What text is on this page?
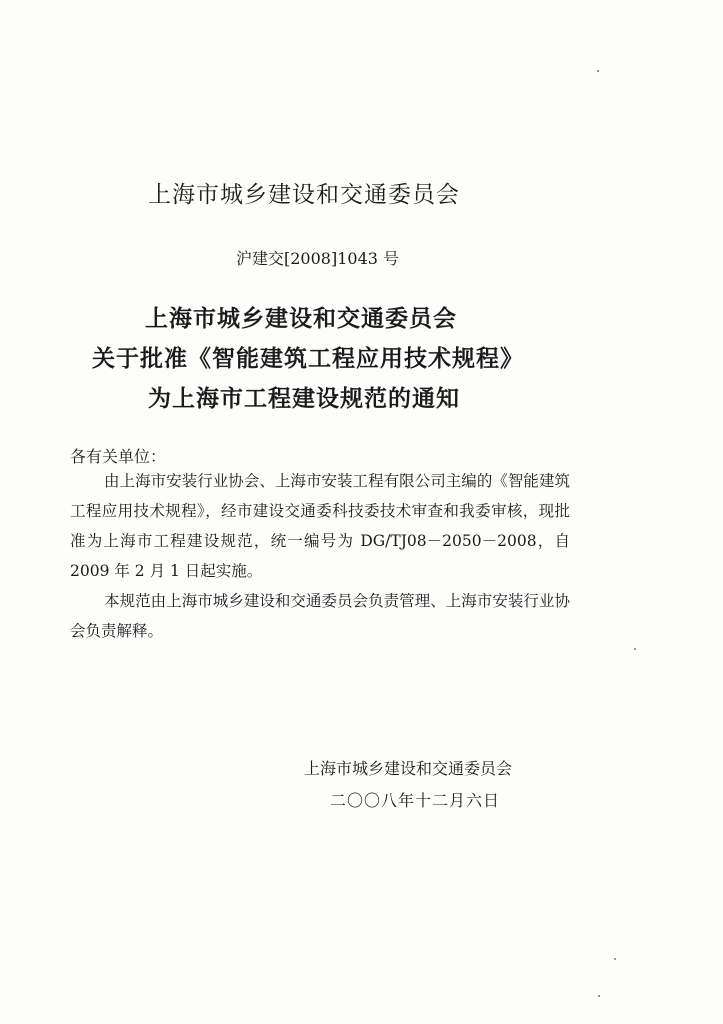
上海市城乡建设和交通委员会
沪建交[2008]1043 号
上海市城乡建设和交通委员会
关于批准《智能建筑工程应用技术规程》
为上海市工程建设规范的通知
各有关单位：
由上海市安装行业协会、上海市安装工程有限公司主编的《智能建筑工程应用技术规程》，经市建设交通委科技委技术审查和我委审核，现批准为上海市工程建设规范，统一编号为 DG/TJ08－2050－2008，自 2009 年 2 月 1 日起实施。
本规范由上海市城乡建设和交通委员会负责管理、上海市安装行业协会负责解释。
上海市城乡建设和交通委员会
二〇〇八年十二月六日
